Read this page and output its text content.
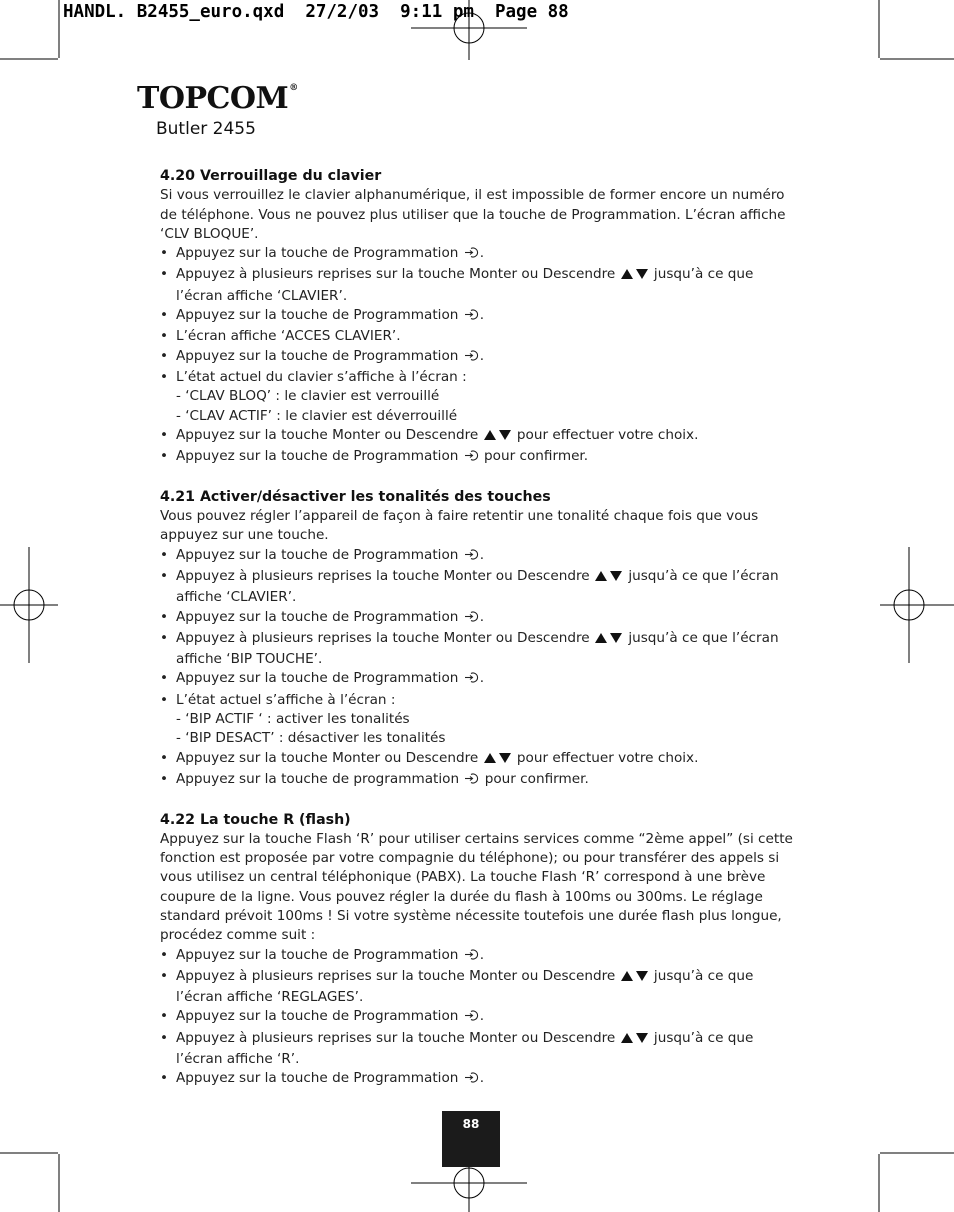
HANDL. B2455_euro.qxd  27/2/03  9:11 pm  Page 88
TOPCOM®
Butler 2455
4.20 Verrouillage du clavier

Si vous verrouillez le clavier alphanumérique, il est impossible de former encore un numéro de téléphone. Vous ne pouvez plus utiliser que la touche de Programmation. L’écran affiche ‘CLV BLOQUE’.

• Appuyez sur la touche de Programmation .
• Appuyez à plusieurs reprises sur la touche Monter ou Descendre  jusqu’à ce que l’écran affiche ‘CLAVIER’.
• Appuyez sur la touche de Programmation .
• L’écran affiche ‘ACCES CLAVIER’.
• Appuyez sur la touche de Programmation .
• L’état actuel du clavier s’affiche à l’écran :
- ‘CLAV BLOQ’ : le clavier est verrouillé
- ‘CLAV ACTIF’ : le clavier est déverrouillé
• Appuyez sur la touche Monter ou Descendre  pour effectuer votre choix.
• Appuyez sur la touche de Programmation  pour confirmer.
4.21 Activer/désactiver les tonalités des touches

Vous pouvez régler l’appareil de façon à faire retentir une tonalité chaque fois que vous appuyez sur une touche.

• Appuyez sur la touche de Programmation .
• Appuyez à plusieurs reprises la touche Monter ou Descendre  jusqu’à ce que l’écran affiche ‘CLAVIER’.
• Appuyez sur la touche de Programmation .
• Appuyez à plusieurs reprises la touche Monter ou Descendre  jusqu’à ce que l’écran affiche ‘BIP TOUCHE’.
• Appuyez sur la touche de Programmation .
• L’état actuel s’affiche à l’écran :
- ‘BIP ACTIF ‘ : activer les tonalités
- ‘BIP DESACT’ : désactiver les tonalités
• Appuyez sur la touche Monter ou Descendre  pour effectuer votre choix.
• Appuyez sur la touche de programmation  pour confirmer.
4.22 La touche R (flash)

Appuyez sur la touche Flash ‘R’ pour utiliser certains services comme “2ème appel” (si cette fonction est proposée par votre compagnie du téléphone); ou pour transférer des appels si vous utilisez un central téléphonique (PABX). La touche Flash ‘R’ correspond à une brève coupure de la ligne. Vous pouvez régler la durée du flash à 100ms ou 300ms. Le réglage standard prévoit 100ms ! Si votre système nécessite toutefois une durée flash plus longue, procédez comme suit :

• Appuyez sur la touche de Programmation .
• Appuyez à plusieurs reprises sur la touche Monter ou Descendre  jusqu’à ce que l’écran affiche ‘REGLAGES’.
• Appuyez sur la touche de Programmation .
• Appuyez à plusieurs reprises sur la touche Monter ou Descendre  jusqu’à ce que l’écran affiche ‘R’.
• Appuyez sur la touche de Programmation .
88
